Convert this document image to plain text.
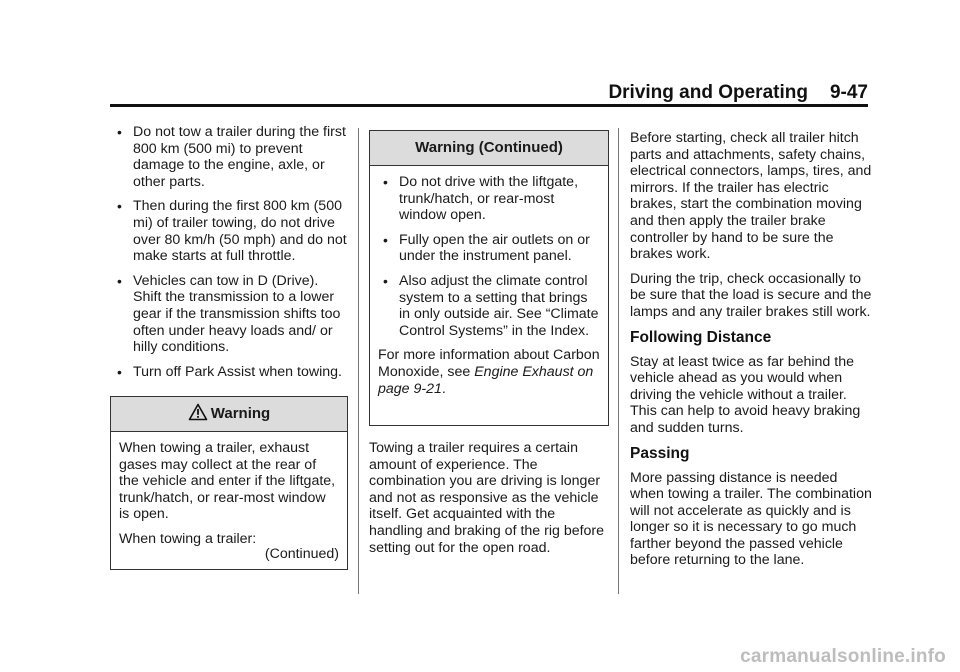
Driving and Operating 9-47
• Do not tow a trailer during the first 800 km (500 mi) to prevent damage to the engine, axle, or other parts.
• Then during the first 800 km (500 mi) of trailer towing, do not drive over 80 km/h (50 mph) and do not make starts at full throttle.
• Vehicles can tow in D (Drive). Shift the transmission to a lower gear if the transmission shifts too often under heavy loads and/ or hilly conditions.
• Turn off Park Assist when towing.
Warning

When towing a trailer, exhaust gases may collect at the rear of the vehicle and enter if the liftgate, trunk/hatch, or rear-most window is open.

When towing a trailer:

(Continued)
Warning (Continued)
• Do not drive with the liftgate, trunk/hatch, or rear-most window open.
• Fully open the air outlets on or under the instrument panel.
• Also adjust the climate control system to a setting that brings in only outside air. See “Climate Control Systems” in the Index.

For more information about Carbon Monoxide, see Engine Exhaust on page 9-21.

Towing a trailer requires a certain amount of experience. The combination you are driving is longer and not as responsive as the vehicle itself. Get acquainted with the handling and braking of the rig before setting out for the open road.

Before starting, check all trailer hitch parts and attachments, safety chains, electrical connectors, lamps, tires, and mirrors. If the trailer has electric brakes, start the combination moving and then apply the trailer brake controller by hand to be sure the brakes work.

During the trip, check occasionally to be sure that the load is secure and the lamps and any trailer brakes still work.

Following Distance

Stay at least twice as far behind the vehicle ahead as you would when driving the vehicle without a trailer. This can help to avoid heavy braking and sudden turns.

Passing

More passing distance is needed when towing a trailer. The combination will not accelerate as quickly and is longer so it is necessary to go much farther beyond the passed vehicle before returning to the lane.

carmanualsonline.info
